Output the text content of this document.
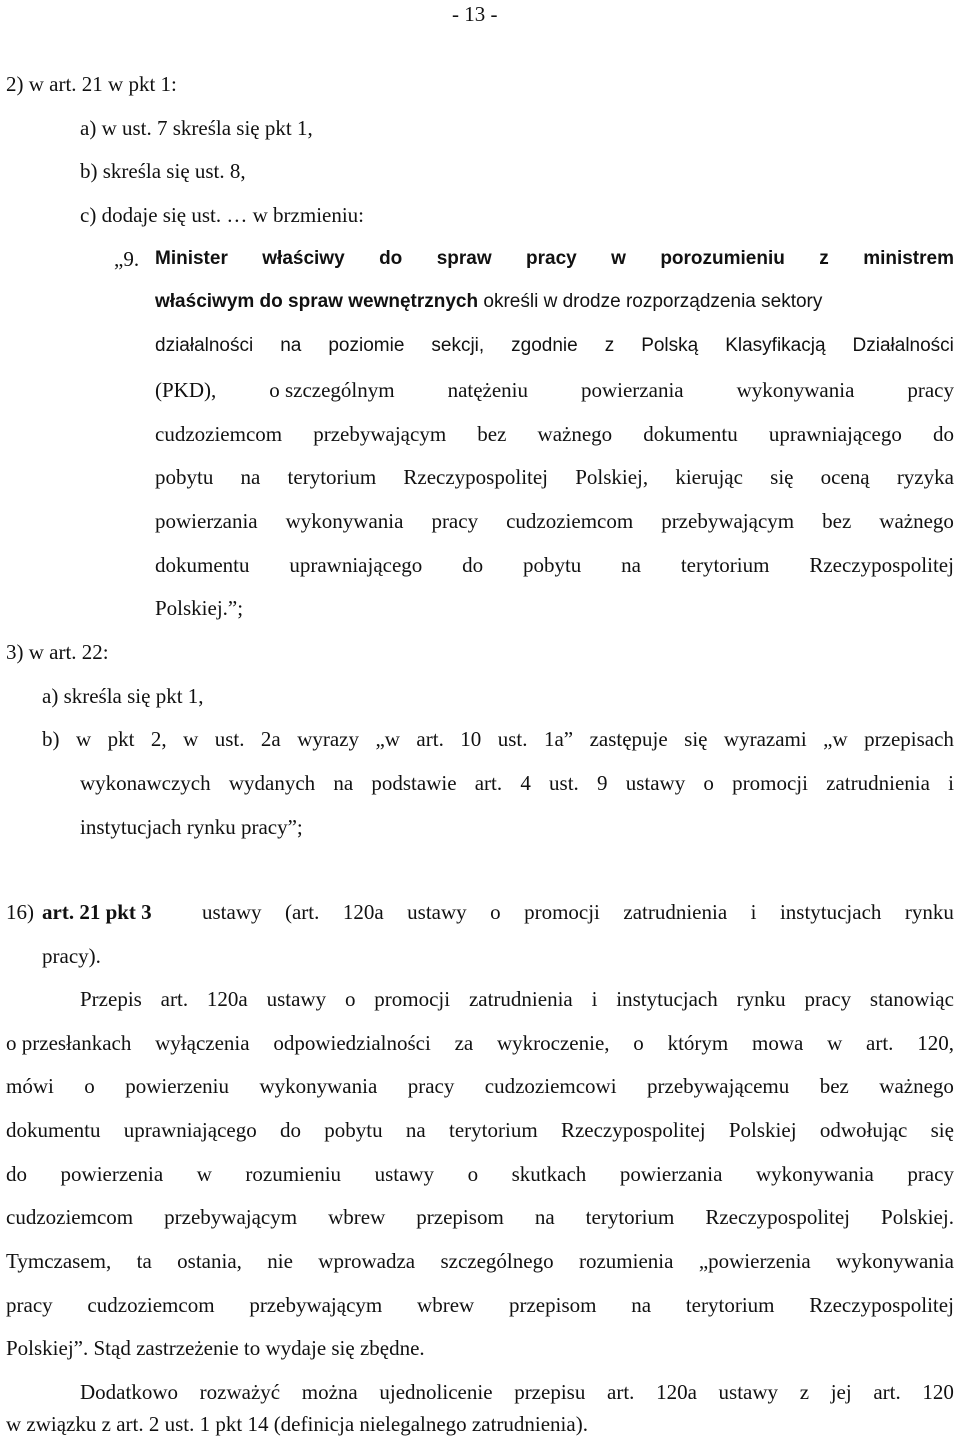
- 13 -
2) w art. 21 w pkt 1:
a) w ust. 7 skreśla się pkt 1,
b) skreśla się ust. 8,
c) dodaje się ust. … w brzmieniu:
„9. Minister właściwy do spraw pracy w porozumieniu z ministrem
właściwym do spraw wewnętrznych określi w drodze rozporządzenia sektory
działalności na poziomie sekcji, zgodnie z Polską Klasyfikacją Działalności
(PKD),	o szczególnym	natężeniu	powierzania	wykonywania	pracy
cudzoziemcom przebywającym bez ważnego dokumentu uprawniającego do
pobytu na terytorium Rzeczypospolitej Polskiej, kierując się oceną ryzyka
powierzania wykonywania pracy cudzoziemcom przebywającym bez ważnego
dokumentu uprawniającego do pobytu na terytorium Rzeczypospolitej
Polskiej.”;
3) w art. 22:
a) skreśla się pkt 1,
b) w pkt 2, w ust. 2a wyrazy „w art. 10 ust. 1a” zastępuje się wyrazami „w przepisach
wykonawczych wydanych na podstawie art. 4 ust. 9 ustawy o promocji zatrudnienia i
instytucjach rynku pracy”;
16) art. 21 pkt 3 ustawy (art. 120a ustawy o promocji zatrudnienia i instytucjach rynku
pracy).
Przepis art. 120a ustawy o promocji zatrudnienia i instytucjach rynku pracy stanowiąc
o przesłankach wyłączenia odpowiedzialności za wykroczenie, o którym mowa w art. 120,
mówi o powierzeniu wykonywania pracy cudzoziemcowi przebywającemu bez ważnego
dokumentu uprawniającego do pobytu na terytorium Rzeczypospolitej Polskiej odwołując się
do powierzenia w rozumieniu ustawy o skutkach powierzania wykonywania pracy
cudzoziemcom przebywającym wbrew przepisom na terytorium Rzeczypospolitej Polskiej.
Tymczasem, ta ostania, nie wprowadza szczególnego rozumienia „powierzenia wykonywania
pracy cudzoziemcom przebywającym wbrew przepisom na terytorium Rzeczypospolitej
Polskiej”. Stąd zastrzeżenie to wydaje się zbędne.
Dodatkowo rozważyć można ujednolicenie przepisu art. 120a ustawy z jej art. 120
w związku z art. 2 ust. 1 pkt 14 (definicja nielegalnego zatrudnienia).
